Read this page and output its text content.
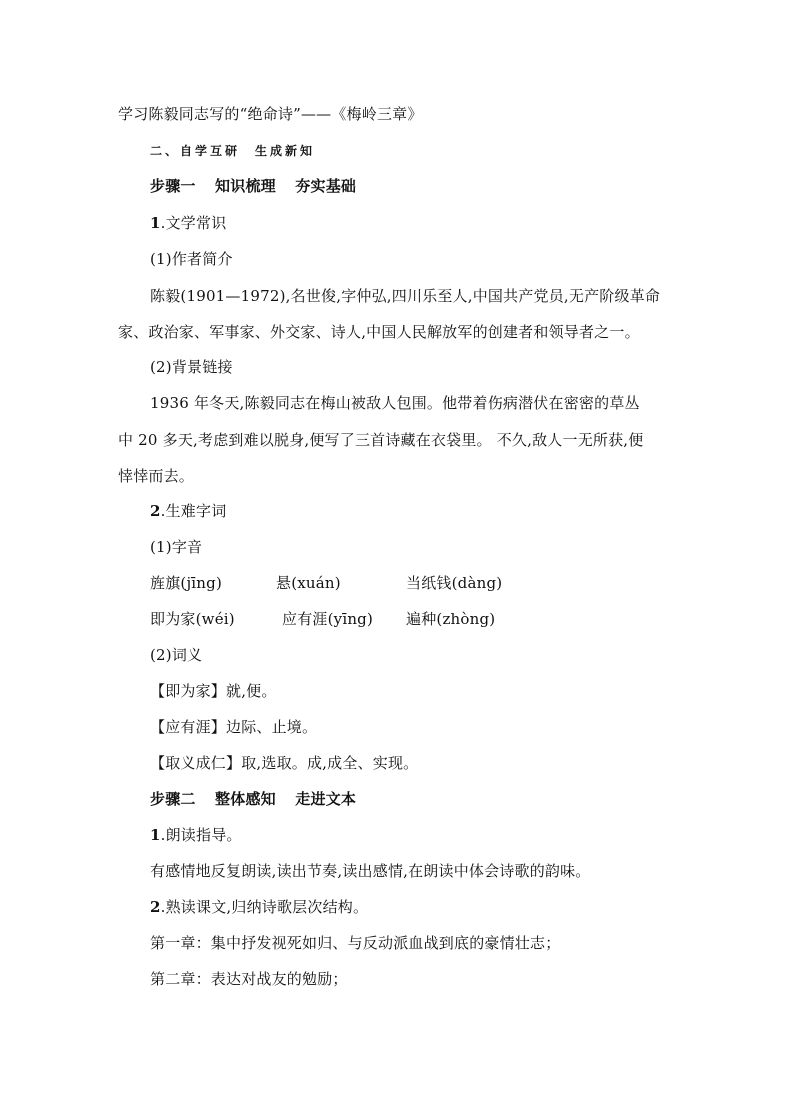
学习陈毅同志写的“绝命诗”——《梅岭三章》
二、自学互研　生成新知
步骤一 知识梳理 夯实基础
1.文学常识
(1)作者简介
陈毅(1901—1972),名世俊,字仲弘,四川乐至人,中国共产党员,无产阶级革命
家、政治家、军事家、外交家、诗人,中国人民解放军的创建者和领导者之一。
(2)背景链接
1936 年冬天,陈毅同志在梅山被敌人包围。他带着伤病潜伏在密密的草丛
中 20 多天,考虑到难以脱身,便写了三首诗藏在衣袋里。 不久,敌人一无所获,便
悻悻而去。
2.生难字词
(1)字音
旌旗(jīng)	悬(xuán)	当纸钱(dàng)
即为家(wéi)	应有涯(yīng) 遍种(zhòng)
(2)词义
【即为家】就,便。
【应有涯】边际、止境。
【取义成仁】取,选取。成,成全、实现。
步骤二 整体感知 走进文本
1.朗读指导。
有感情地反复朗读,读出节奏,读出感情,在朗读中体会诗歌的韵味。
2.熟读课文,归纳诗歌层次结构。
第一章：集中抒发视死如归、与反动派血战到底的豪情壮志；
第二章：表达对战友的勉励；
